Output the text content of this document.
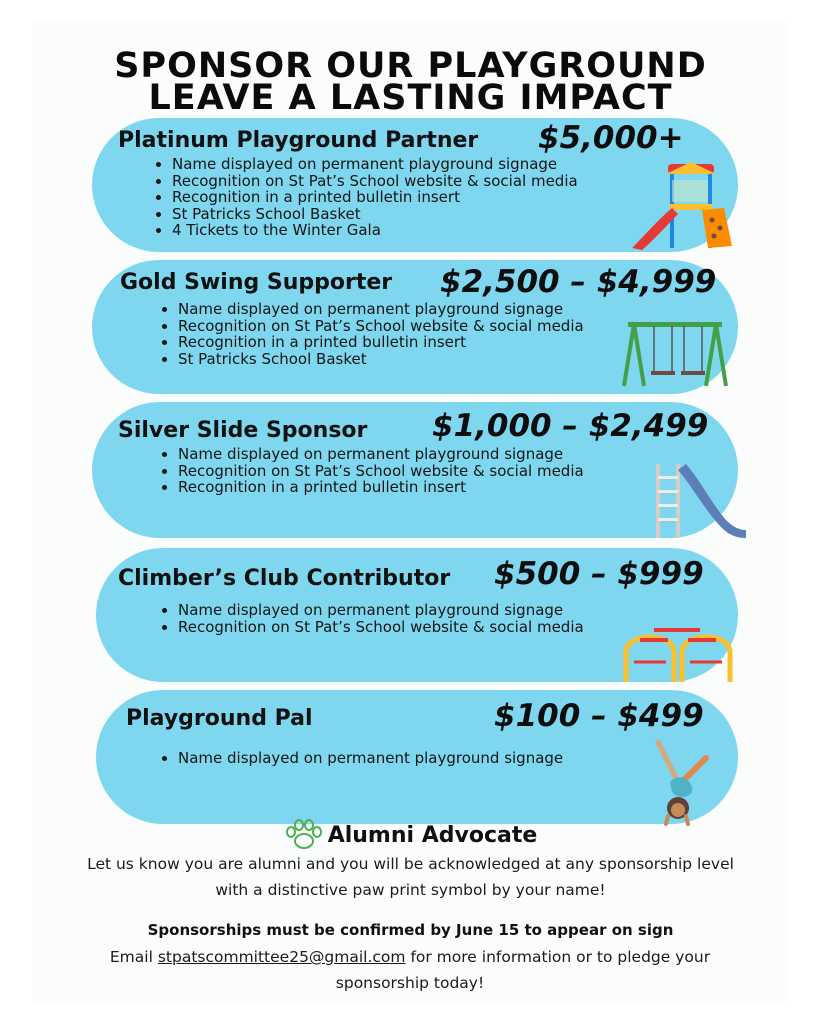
SPONSOR OUR PLAYGROUND
LEAVE A LASTING IMPACT
Platinum Playground Partner $5,000+
• Name displayed on permanent playground signage
• Recognition on St Pat’s School website & social media
• Recognition in a printed bulletin insert
• St Patricks School Basket
• 4 Tickets to the Winter Gala
Gold Swing Supporter $2,500 – $4,999
• Name displayed on permanent playground signage
• Recognition on St Pat’s School website & social media
• Recognition in a printed bulletin insert
• St Patricks School Basket
Silver Slide Sponsor $1,000 – $2,499
• Name displayed on permanent playground signage
• Recognition on St Pat’s School website & social media
• Recognition in a printed bulletin insert
Climber’s Club Contributor $500 – $999
• Name displayed on permanent playground signage
• Recognition on St Pat’s School website & social media
Playground Pal	$100 – $499
• Name displayed on permanent playground signage
Alumni Advocate

Let us know you are alumni and you will be acknowledged at any sponsorship level

with a distinctive paw print symbol by your name!

Sponsorships must be confirmed by June 15 to appear on sign

Email stpatscommittee25@gmail.com for more information or to pledge your
sponsorship today!
